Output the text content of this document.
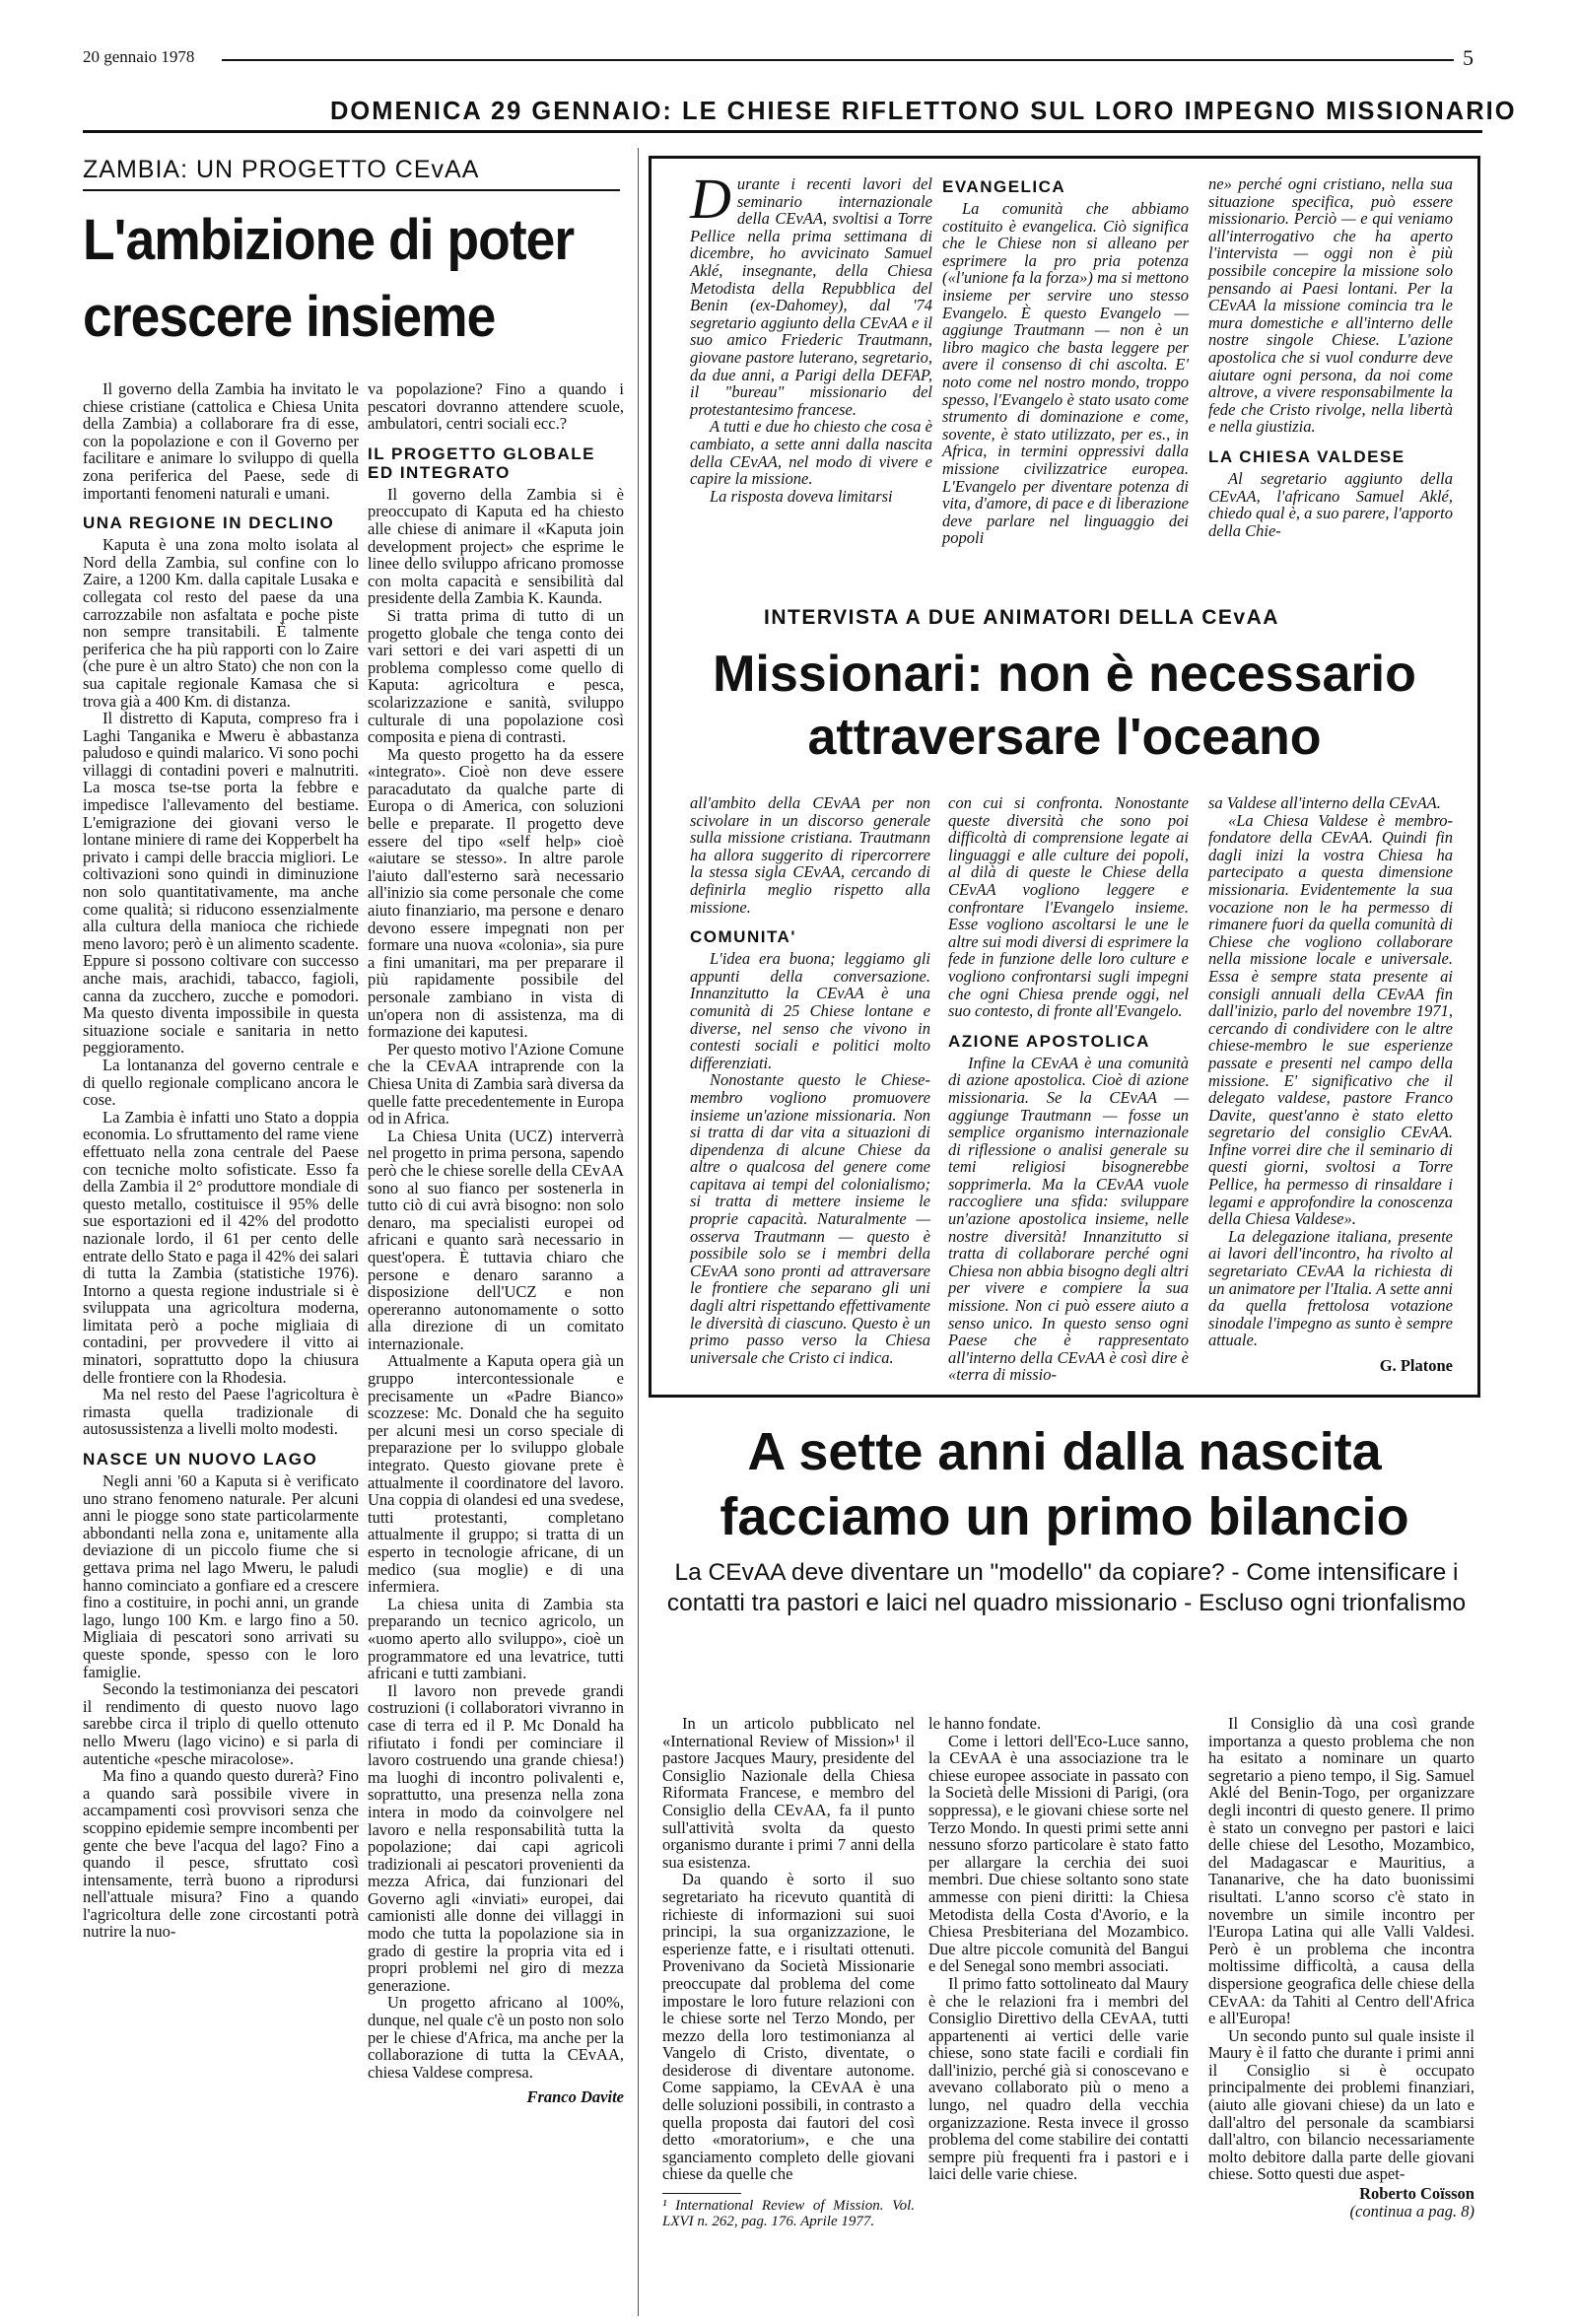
20 gennaio 1978	5
DOMENICA 29 GENNAIO: LE CHIESE RIFLETTONO SUL LORO IMPEGNO MISSIONARIO
ZAMBIA: UN PROGETTO CEvAA
L'ambizione di poter
crescere insieme

Il governo della Zambia ha invitato le chiese cristiane (cattolica e Chiesa Unita della Zambia) a collaborare fra di esse, con la popolazione e con il Governo per facilitare e animare lo sviluppo di quella zona periferica del Paese, sede di importanti fenomeni naturali e umani.

UNA REGIONE IN DECLINO

Kaputa è una zona molto isolata al Nord della Zambia, sul confine con lo Zaire, a 1200 Km. dalla capitale Lusaka e collegata col resto del paese da una carrozzabile non asfaltata e poche piste non sempre transitabili. È talmente periferica che ha più rapporti con lo Zaire (che pure è un altro Stato) che non con la sua capitale regionale Kamasa che si trova già a 400 Km. di distanza.

Il distretto di Kaputa, compreso fra i Laghi Tanganika e Mweru è abbastanza paludoso e quindi malarico. Vi sono pochi villaggi di contadini poveri e malnutriti. La mosca tse-tse porta la febbre e impedisce l'allevamento del bestiame. L'emigrazione dei giovani verso le lontane miniere di rame dei Kopperbelt ha privato i campi delle braccia migliori. Le coltivazioni sono quindi in diminuzione non solo quantitativamente, ma anche come qualità; si riducono essenzialmente alla cultura della manioca che richiede meno lavoro; però è un alimento scadente. Eppure si possono coltivare con successo anche mais, arachidi, tabacco, fagioli, canna da zucchero, zucche e pomodori. Ma questo diventa impossibile in questa situazione sociale e sanitaria in netto peggioramento.

La lontananza del governo centrale e di quello regionale complicano ancora le cose.

La Zambia è infatti uno Stato a doppia economia. Lo sfruttamento del rame viene effettuato nella zona centrale del Paese con tecniche molto sofisticate. Esso fa della Zambia il 2° produttore mondiale di questo metallo, costituisce il 95% delle sue esportazioni ed il 42% del prodotto nazionale lordo, il 61 per cento delle entrate dello Stato e paga il 42% dei salari di tutta la Zambia (statistiche 1976). Intorno a questa regione industriale si è sviluppata una agricoltura moderna, limitata però a poche migliaia di contadini, per provvedere il vitto ai minatori, soprattutto dopo la chiusura delle frontiere con la Rhodesia.

Ma nel resto del Paese l'agricoltura è rimasta quella tradizionale di autosussistenza a livelli molto modesti.

NASCE UN NUOVO LAGO

Negli anni '60 a Kaputa si è verificato uno strano fenomeno naturale. Per alcuni anni le piogge sono state particolarmente abbondanti nella zona e, unitamente alla deviazione di un piccolo fiume che si gettava prima nel lago Mweru, le paludi hanno cominciato a gonfiare ed a crescere fino a costituire, in pochi anni, un grande lago, lungo 100 Km. e largo fino a 50. Migliaia di pescatori sono arrivati su queste sponde, spesso con le loro famiglie.

Secondo la testimonianza dei pescatori il rendimento di questo nuovo lago sarebbe circa il triplo di quello ottenuto nello Mweru (lago vicino) e si parla di autentiche «pesche miracolose».

Ma fino a quando questo durerà? Fino a quando sarà possibile vivere in accampamenti così provvisori senza che scoppino epidemie sempre incombenti per gente che beve l'acqua del lago? Fino a quando il pesce, sfruttato così intensamente, terrà buono a riprodursi nell'attuale misura? Fino a quando l'agricoltura delle zone circostanti potrà nutrire la nuo-

va popolazione? Fino a quando i pescatori dovranno attendere scuole, ambulatori, centri sociali ecc.?

IL PROGETTO GLOBALE ED INTEGRATO

Il governo della Zambia si è preoccupato di Kaputa ed ha chiesto alle chiese di animare il «Kaputa join development project» che esprime le linee dello sviluppo africano promosse con molta capacità e sensibilità dal presidente della Zambia K. Kaunda.

Si tratta prima di tutto di un progetto globale che tenga conto dei vari settori e dei vari aspetti di un problema complesso come quello di Kaputa: agricoltura e pesca, scolarizzazione e sanità, sviluppo culturale di una popolazione così composita e piena di contrasti.

Ma questo progetto ha da essere «integrato». Cioè non deve essere paracadutato da qualche parte di Europa o di America, con soluzioni belle e preparate. Il progetto deve essere del tipo «self help» cioè «aiutare se stesso». In altre parole l'aiuto dall'esterno sarà necessario all'inizio sia come personale che come aiuto finanziario, ma persone e denaro devono essere impegnati non per formare una nuova «colonia», sia pure a fini umanitari, ma per preparare il più rapidamente possibile del personale zambiano in vista di un'opera non di assistenza, ma di formazione dei kaputesi.

Per questo motivo l'Azione Comune che la CEvAA intraprende con la Chiesa Unita di Zambia sarà diversa da quelle fatte precedentemente in Europa od in Africa.

La Chiesa Unita (UCZ) interverrà nel progetto in prima persona, sapendo però che le chiese sorelle della CEvAA sono al suo fianco per sostenerla in tutto ciò di cui avrà bisogno: non solo denaro, ma specialisti europei od africani e quanto sarà necessario in quest'opera. È tuttavia chiaro che persone e denaro saranno a disposizione dell'UCZ e non opereranno autonomamente o sotto alla direzione di un comitato internazionale.

Attualmente a Kaputa opera già un gruppo intercontessionale e precisamente un «Padre Bianco» scozzese: Mc. Donald che ha seguito per alcuni mesi un corso speciale di preparazione per lo sviluppo globale integrato. Questo giovane prete è attualmente il coordinatore del lavoro. Una coppia di olandesi ed una svedese, tutti protestanti, completano attualmente il gruppo; si tratta di un esperto in tecnologie africane, di un medico (sua moglie) e di una infermiera.

La chiesa unita di Zambia sta preparando un tecnico agricolo, un «uomo aperto allo sviluppo», cioè un programmatore ed una levatrice, tutti africani e tutti zambiani.

Il lavoro non prevede grandi costruzioni (i collaboratori vivranno in case di terra ed il P. Mc Donald ha rifiutato i fondi per cominciare il lavoro costruendo una grande chiesa!) ma luoghi di incontro polivalenti e, soprattutto, una presenza nella zona intera in modo da coinvolgere nel lavoro e nella responsabilità tutta la popolazione; dai capi agricoli tradizionali ai pescatori provenienti da mezza Africa, dai funzionari del Governo agli «inviati» europei, dai camionisti alle donne dei villaggi in modo che tutta la popolazione sia in grado di gestire la propria vita ed i propri problemi nel giro di mezza generazione.

Un progetto africano al 100%, dunque, nel quale c'è un posto non solo per le chiese d'Africa, ma anche per la collaborazione di tutta la CEvAA, chiesa Valdese compresa.

Franco Davite

Durante i recenti lavori del seminario internazionale della CEvAA, svoltisi a Torre Pellice nella prima settimana di dicembre, ho avvicinato Samuel Aklé, insegnante, della Chiesa Metodista della Repubblica del Benin (ex-Dahomey), dal '74 segretario aggiunto della CEvAA e il suo amico Friederic Trautmann, giovane pastore luterano, segretario, da due anni, a Parigi della DEFAP, il "bureau" missionario del protestantesimo francese.

A tutti e due ho chiesto che cosa è cambiato, a sette anni dalla nascita della CEvAA, nel modo di vivere e capire la missione.

La risposta doveva limitarsi

EVANGELICA

La comunità che abbiamo costituito è evangelica. Ciò significa che le Chiese non si alleano per esprimere la pro pria potenza («l'unione fa la forza») ma si mettono insieme per servire uno stesso Evangelo. È questo Evangelo — aggiunge Trautmann — non è un libro magico che basta leggere per avere il consenso di chi ascolta. E' noto come nel nostro mondo, troppo spesso, l'Evangelo è stato usato come strumento di dominazione e come, sovente, è stato utilizzato, per es., in Africa, in termini oppressivi dalla missione civilizzatrice europea. L'Evangelo per diventare potenza di vita, d'amore, di pace e di liberazione deve parlare nel linguaggio dei popoli

ne» perché ogni cristiano, nella sua situazione specifica, può essere missionario. Perciò — e qui veniamo all'interrogativo che ha aperto l'intervista — oggi non è più possibile concepire la missione solo pensando ai Paesi lontani. Per la CEvAA la missione comincia tra le mura domestiche e all'interno delle nostre singole Chiese. L'azione apostolica che si vuol condurre deve aiutare ogni persona, da noi come altrove, a vivere responsabilmente la fede che Cristo rivolge, nella libertà e nella giustizia.

LA CHIESA VALDESE

Al segretario aggiunto della CEvAA, l'africano Samuel Aklé, chiedo qual è, a suo parere, l'apporto della Chie-

INTERVISTA A DUE ANIMATORI DELLA CEvAA
Missionari: non è necessario
attraversare l'oceano

all'ambito della CEvAA per non scivolare in un discorso generale sulla missione cristiana. Trautmann ha allora suggerito di ripercorrere la stessa sigla CEvAA, cercando di definirla meglio rispetto alla missione.

COMUNITA'

L'idea era buona; leggiamo gli appunti della conversazione. Innanzitutto la CEvAA è una comunità di 25 Chiese lontane e diverse, nel senso che vivono in contesti sociali e politici molto differenziati.

Nonostante questo le Chiese-membro vogliono promuovere insieme un'azione missionaria. Non si tratta di dar vita a situazioni di dipendenza di alcune Chiese da altre o qualcosa del genere come capitava ai tempi del colonialismo; si tratta di mettere insieme le proprie capacità. Naturalmente — osserva Trautmann — questo è possibile solo se i membri della CEvAA sono pronti ad attraversare le frontiere che separano gli uni dagli altri rispettando effettivamente le diversità di ciascuno. Questo è un primo passo verso la Chiesa universale che Cristo ci indica.

con cui si confronta. Nonostante queste diversità che sono poi difficoltà di comprensione legate ai linguaggi e alle culture dei popoli, al dilà di queste le Chiese della CEvAA vogliono leggere e confrontare l'Evangelo insieme. Esse vogliono ascoltarsi le une le altre sui modi diversi di esprimere la fede in funzione delle loro culture e vogliono confrontarsi sugli impegni che ogni Chiesa prende oggi, nel suo contesto, di fronte all'Evangelo.

AZIONE APOSTOLICA

Infine la CEvAA è una comunità di azione apostolica. Cioè di azione missionaria. Se la CEvAA — aggiunge Trautmann — fosse un semplice organismo internazionale di riflessione o analisi generale su temi religiosi bisognerebbe sopprimerla. Ma la CEvAA vuole raccogliere una sfida: sviluppare un'azione apostolica insieme, nelle nostre diversità! Innanzitutto si tratta di collaborare perché ogni Chiesa non abbia bisogno degli altri per vivere e compiere la sua missione. Non ci può essere aiuto a senso unico. In questo senso ogni Paese che è rappresentato all'interno della CEvAA è così dire è «terra di missio-

sa Valdese all'interno della CEvAA.

«La Chiesa Valdese è membro-fondatore della CEvAA. Quindi fin dagli inizi la vostra Chiesa ha partecipato a questa dimensione missionaria. Evidentemente la sua vocazione non le ha permesso di rimanere fuori da quella comunità di Chiese che vogliono collaborare nella missione locale e universale. Essa è sempre stata presente ai consigli annuali della CEvAA fin dall'inizio, parlo del novembre 1971, cercando di condividere con le altre chiese-membro le sue esperienze passate e presenti nel campo della missione. E' significativo che il delegato valdese, pastore Franco Davite, quest'anno è stato eletto segretario del consiglio CEvAA. Infine vorrei dire che il seminario di questi giorni, svoltosi a Torre Pellice, ha permesso di rinsaldare i legami e approfondire la conoscenza della Chiesa Valdese».

La delegazione italiana, presente ai lavori dell'incontro, ha rivolto al segretariato CEvAA la richiesta di un animatore per l'Italia. A sette anni da quella frettolosa votazione sinodale l'impegno as sunto è sempre attuale.

G. Platone
A sette anni dalla nascita
facciamo un primo bilancio
La CEvAA deve diventare un "modello" da copiare? - Come intensificare i contatti tra pastori e laici nel quadro missionario - Escluso ogni trionfalismo

In un articolo pubblicato nel «International Review of Mission»¹ il pastore Jacques Maury, presidente del Consiglio Nazionale della Chiesa Riformata Francese, e membro del Consiglio della CEvAA, fa il punto sull'attività svolta da questo organismo durante i primi 7 anni della sua esistenza.

Da quando è sorto il suo segretariato ha ricevuto quantità di richieste di informazioni sui suoi principi, la sua organizzazione, le esperienze fatte, e i risultati ottenuti. Provenivano da Società Missionarie preoccupate dal problema del come impostare le loro future relazioni con le chiese sorte nel Terzo Mondo, per mezzo della loro testimonianza al Vangelo di Cristo, diventate, o desiderose di diventare autonome. Come sappiamo, la CEvAA è una delle soluzioni possibili, in contrasto a quella proposta dai fautori del così detto «moratorium», e che una sganciamento completo delle giovani chiese da quelle che

¹ International Review of Mission. Vol. LXVI n. 262, pag. 176. Aprile 1977.

le hanno fondate.

Come i lettori dell'Eco-Luce sanno, la CEvAA è una associazione tra le chiese europee associate in passato con la Società delle Missioni di Parigi, (ora soppressa), e le giovani chiese sorte nel Terzo Mondo. In questi primi sette anni nessuno sforzo particolare è stato fatto per allargare la cerchia dei suoi membri. Due chiese soltanto sono state ammesse con pieni diritti: la Chiesa Metodista della Costa d'Avorio, e la Chiesa Presbiteriana del Mozambico. Due altre piccole comunità del Bangui e del Senegal sono membri associati.

Il primo fatto sottolineato dal Maury è che le relazioni fra i membri del Consiglio Direttivo della CEvAA, tutti appartenenti ai vertici delle varie chiese, sono state facili e cordiali fin dall'inizio, perché già si conoscevano e avevano collaborato più o meno a lungo, nel quadro della vecchia organizzazione. Resta invece il grosso problema del come stabilire dei contatti sempre più frequenti fra i pastori e i laici delle varie chiese.

Il Consiglio dà una così grande importanza a questo problema che non ha esitato a nominare un quarto segretario a pieno tempo, il Sig. Samuel Aklé del Benin-Togo, per organizzare degli incontri di questo genere. Il primo è stato un convegno per pastori e laici delle chiese del Lesotho, Mozambico, del Madagascar e Mauritius, a Tananarive, che ha dato buonissimi risultati. L'anno scorso c'è stato in novembre un simile incontro per l'Europa Latina qui alle Valli Valdesi. Però è un problema che incontra moltissime difficoltà, a causa della dispersione geografica delle chiese della CEvAA: da Tahiti al Centro dell'Africa e all'Europa!

Un secondo punto sul quale insiste il Maury è il fatto che durante i primi anni il Consiglio si è occupato principalmente dei problemi finanziari, (aiuto alle giovani chiese) da un lato e dall'altro del personale da scambiarsi dall'altro, con bilancio necessariamente molto debitore dalla parte delle giovani chiese. Sotto questi due aspet-

Roberto Coïsson
(continua a pag. 8)
